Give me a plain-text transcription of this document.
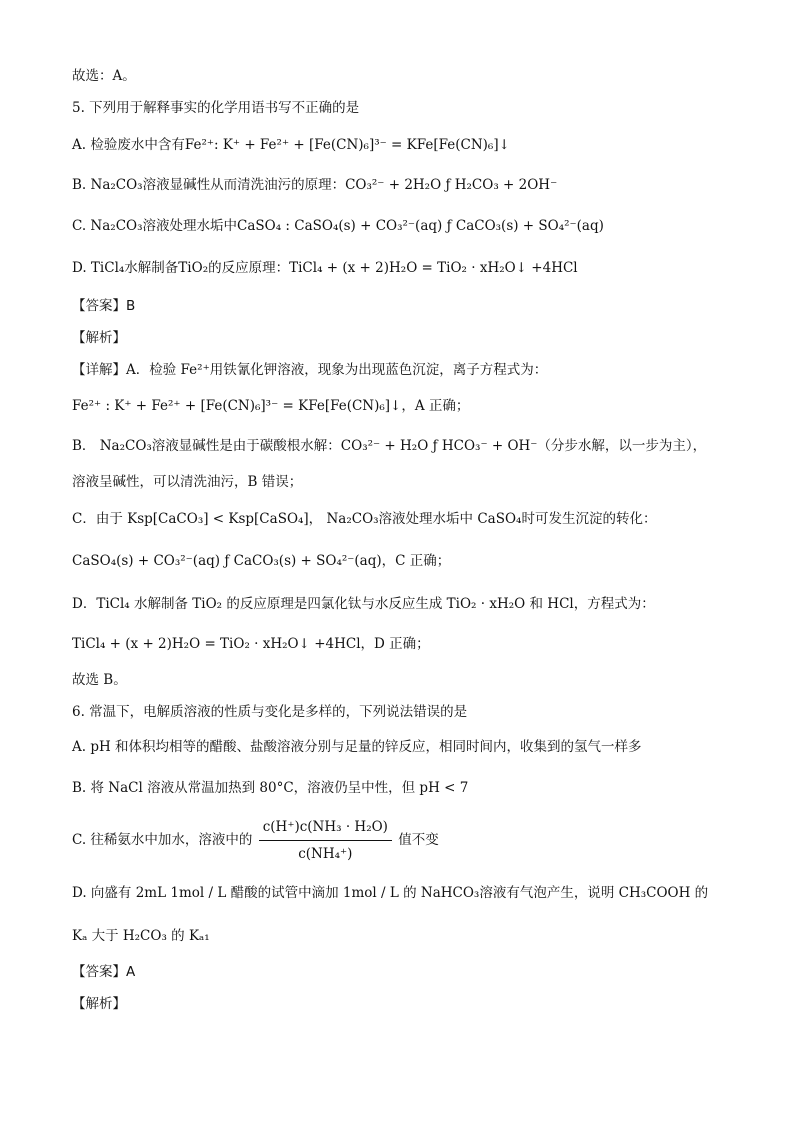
故选：A。
5. 下列用于解释事实的化学用语书写不正确的是
A. 检验废水中含有Fe²⁺: K⁺ + Fe²⁺ + [Fe(CN)₆]³⁻ = KFe[Fe(CN)₆]↓
B. Na₂CO₃溶液显碱性从而清洗油污的原理：CO₃²⁻ + 2H₂O ƒ H₂CO₃ + 2OH⁻
C. Na₂CO₃溶液处理水垢中CaSO₄ : CaSO₄(s) + CO₃²⁻(aq) ƒ CaCO₃(s) + SO₄²⁻(aq)
D. TiCl₄水解制备TiO₂的反应原理：TiCl₄ + (x + 2)H₂O = TiO₂ · xH₂O↓ +4HCl
【答案】B
【解析】
【详解】A．检验 Fe²⁺用铁氰化钾溶液，现象为出现蓝色沉淀，离子方程式为：
Fe²⁺ : K⁺ + Fe²⁺ + [Fe(CN)₆]³⁻ = KFe[Fe(CN)₆]↓，A 正确；
B． Na₂CO₃溶液显碱性是由于碳酸根水解：CO₃²⁻ + H₂O ƒ HCO₃⁻ + OH⁻（分步水解，以一步为主），
溶液呈碱性，可以清洗油污，B 错误；
C．由于 Ksp[CaCO₃] < Ksp[CaSO₄]， Na₂CO₃溶液处理水垢中 CaSO₄时可发生沉淀的转化：
CaSO₄(s) + CO₃²⁻(aq) ƒ CaCO₃(s) + SO₄²⁻(aq)，C 正确；
D．TiCl₄ 水解制备 TiO₂ 的反应原理是四氯化钛与水反应生成 TiO₂ · xH₂O 和 HCl，方程式为：
TiCl₄ + (x + 2)H₂O = TiO₂ · xH₂O↓ +4HCl，D 正确；
故选 B。
6. 常温下，电解质溶液的性质与变化是多样的，下列说法错误的是
A. pH 和体积均相等的醋酸、盐酸溶液分别与足量的锌反应，相同时间内，收集到的氢气一样多
B. 将 NaCl 溶液从常温加热到 80°C，溶液仍呈中性，但 pH < 7
C. 往稀氨水中加水，溶液中的 $\frac{\text{c(H⁺)c(NH₃ · H₂O)}}{\text{c(NH₄⁺)}}$ 值不变
D. 向盛有 2mL 1mol / L 醋酸的试管中滴加 1mol / L 的 NaHCO₃溶液有气泡产生，说明 CH₃COOH 的
Kₐ 大于 H₂CO₃ 的 Kₐ₁
【答案】A
【解析】
